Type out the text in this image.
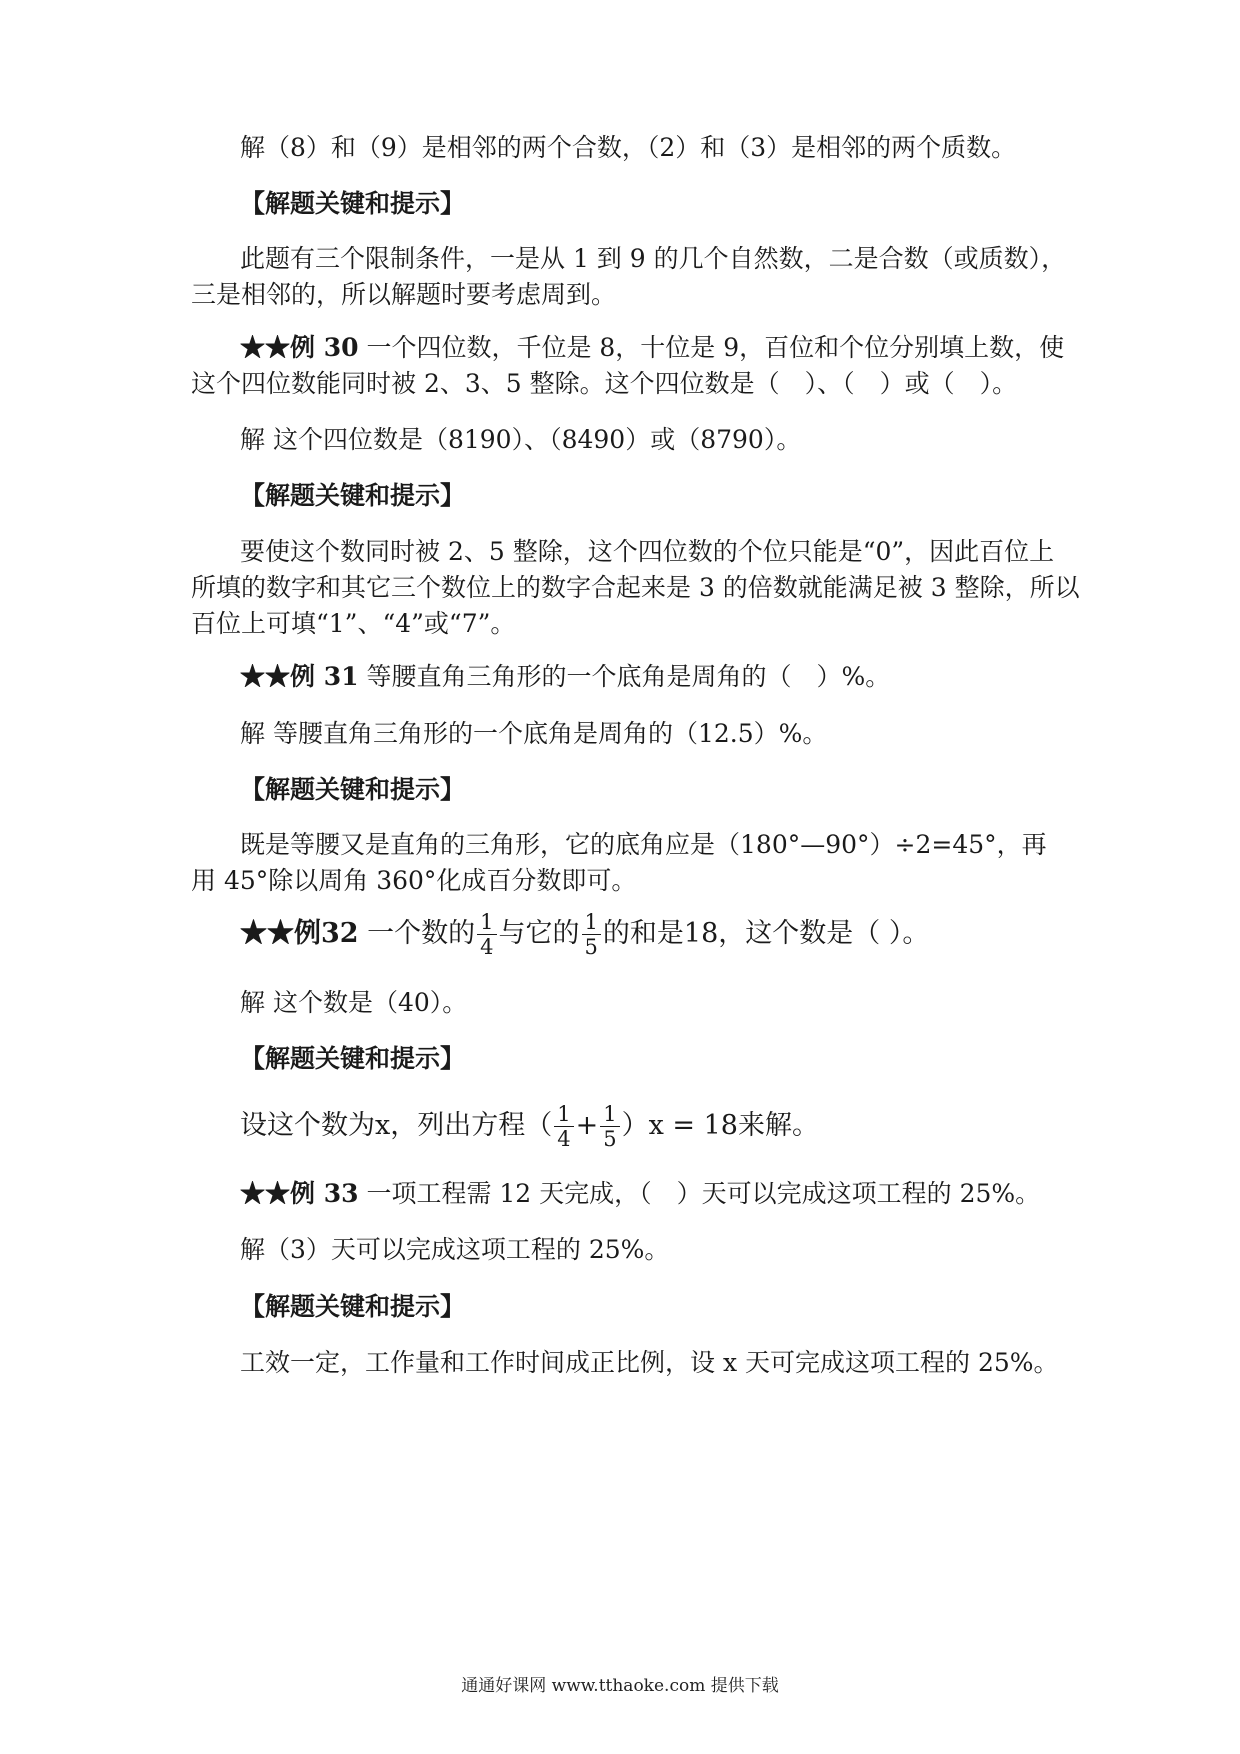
解（8）和（9）是相邻的两个合数，（2）和（3）是相邻的两个质数。
【解题关键和提示】
此题有三个限制条件，一是从 1 到 9 的几个自然数，二是合数（或质数），
三是相邻的，所以解题时要考虑周到。
★★例 30 一个四位数，千位是 8，十位是 9，百位和个位分别填上数，使
这个四位数能同时被 2、3、5 整除。这个四位数是（　）、（　）或（　）。
解 这个四位数是（8190）、（8490）或（8790）。
【解题关键和提示】
要使这个数同时被 2、5 整除，这个四位数的个位只能是“0”，因此百位上
所填的数字和其它三个数位上的数字合起来是 3 的倍数就能满足被 3 整除，所以
百位上可填“1”、“4”或“7”。
★★例 31 等腰直角三角形的一个底角是周角的（　）%。
解 等腰直角三角形的一个底角是周角的（12.5）%。
【解题关键和提示】
既是等腰又是直角的三角形，它的底角应是（180°—90°）÷2=45°，再
用 45°除以周角 360°化成百分数即可。
★★例32 一个数的 $\frac{1}{4}$ 与它的 $\frac{1}{5}$ 的和是18，这个数是（ ）。
解 这个数是（40）。
【解题关键和提示】
设这个数为x，列出方程（ $\frac{1}{4} + \frac{1}{5} )x = 18$来解。
★★例 33 一项工程需 12 天完成，（　）天可以完成这项工程的 25%。
解（3）天可以完成这项工程的 25%。
【解题关键和提示】
工效一定，工作量和工作时间成正比例，设 x 天可完成这项工程的 25%。
通通好课网 www.tthaoke.com 提供下载
